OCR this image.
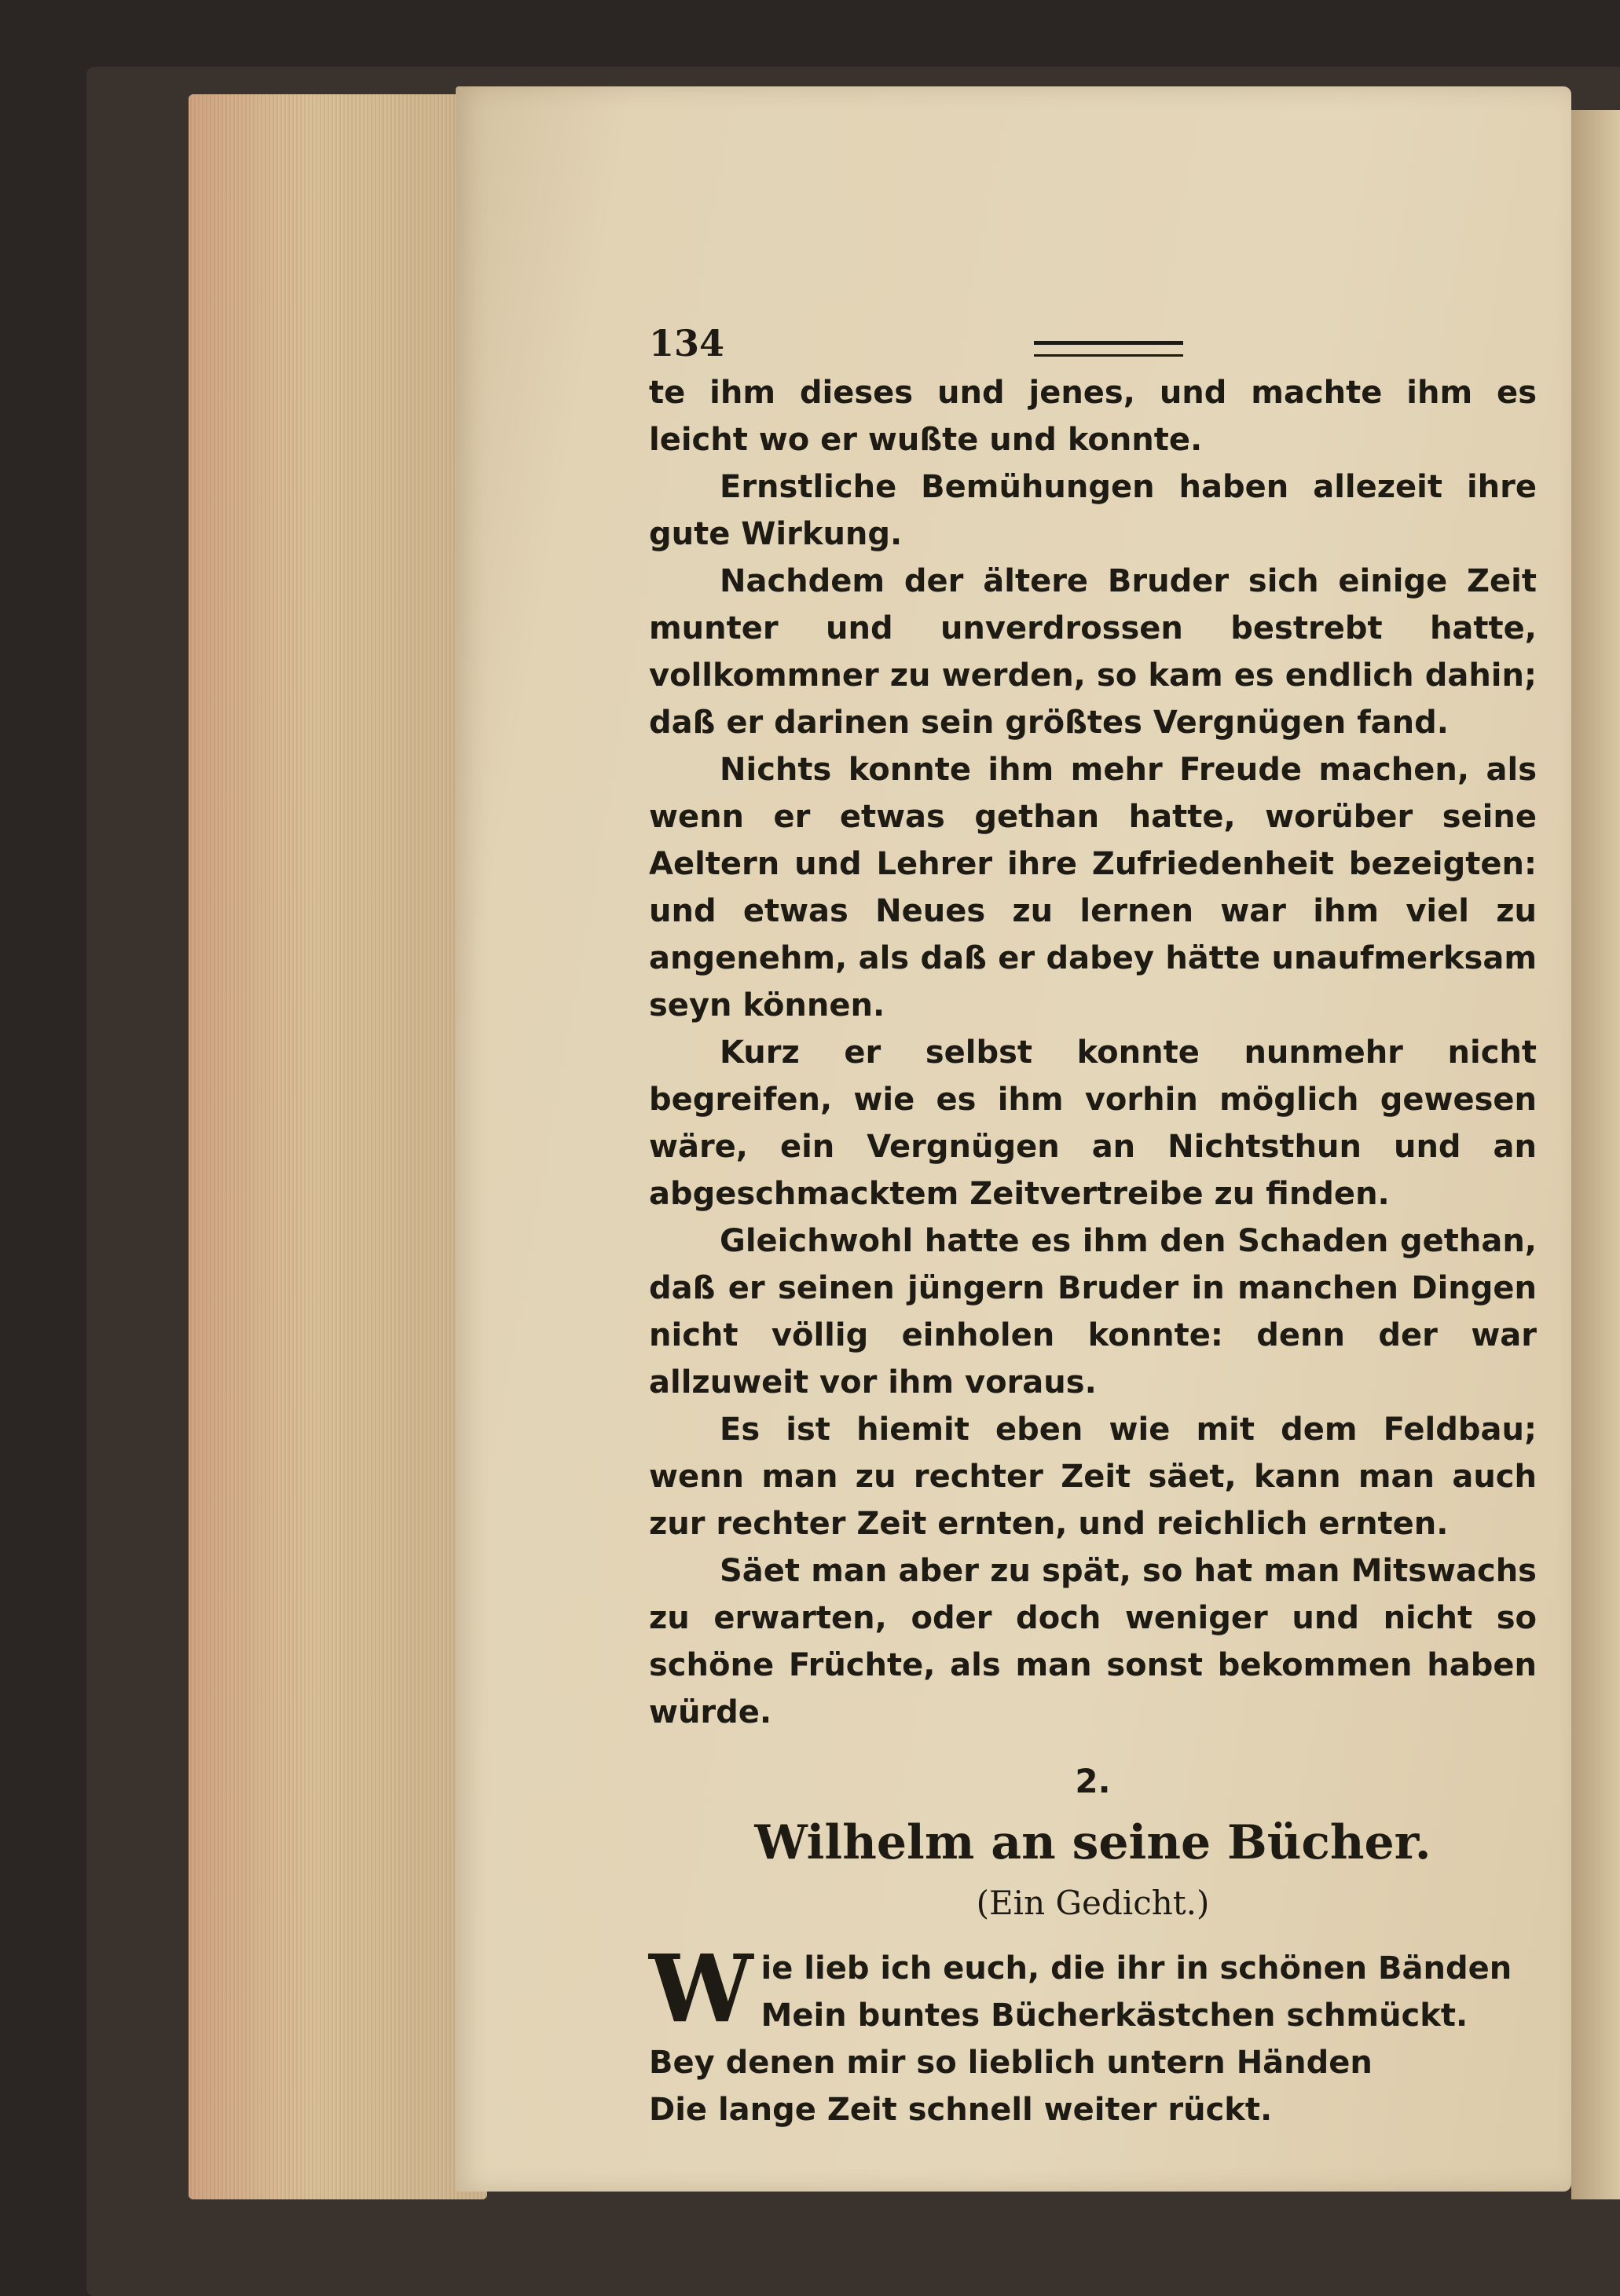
134

te ihm dieses und jenes, und machte ihm es leicht wo er wußte und konnte.

Ernstliche Bemühungen haben allezeit ihre gute Wirkung.

Nachdem der ältere Bruder sich einige Zeit munter und unverdrossen bestrebt hatte, vollkommner zu werden, so kam es endlich dahin; daß er darinen sein größtes Vergnügen fand.

Nichts konnte ihm mehr Freude machen, als wenn er etwas gethan hatte, worüber seine Aeltern und Lehrer ihre Zufriedenheit bezeigten: und etwas Neues zu lernen war ihm viel zu angenehm, als daß er dabey hätte unaufmerksam seyn können.

Kurz er selbst konnte nunmehr nicht begreifen, wie es ihm vorhin möglich gewesen wäre, ein Vergnügen an Nichtsthun und an abgeschmacktem Zeitvertreibe zu finden.

Gleichwohl hatte es ihm den Schaden gethan, daß er seinen jüngern Bruder in manchen Dingen nicht völlig einholen konnte: denn der war allzuweit vor ihm voraus.

Es ist hiemit eben wie mit dem Feldbau; wenn man zu rechter Zeit säet, kann man auch zur rechter Zeit ernten, und reichlich ernten.

Säet man aber zu spät, so hat man Mitswachs zu erwarten, oder doch weniger und nicht so schöne Früchte, als man sonst bekommen haben würde.

2.
Wilhelm an seine Bücher.
(Ein Gedicht.)
W ie lieb ich euch, die ihr in schönen Bänden
Mein buntes Bücherkästchen schmückt.
Bey denen mir so lieblich untern Händen
Die lange Zeit schnell weiter rückt.
